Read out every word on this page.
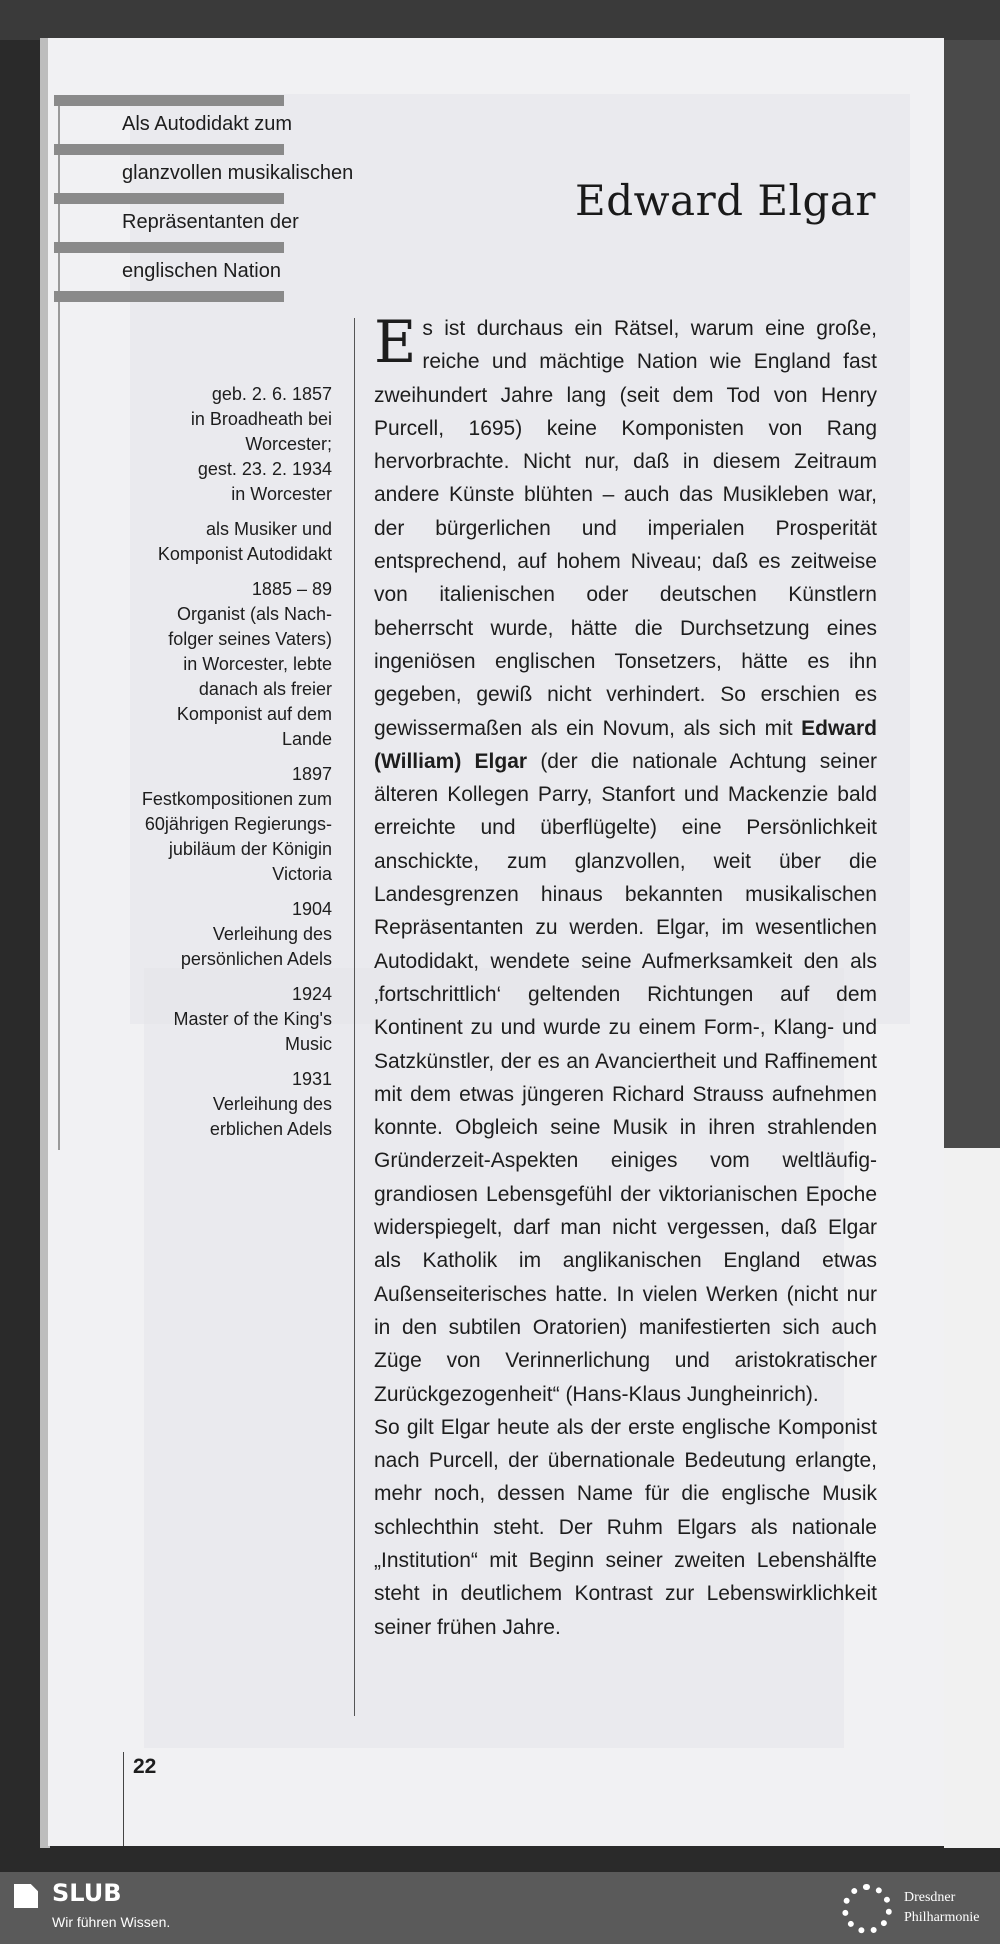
Als Autodidakt zum
glanzvollen musikalischen
Repräsentanten der
englischen Nation
Edward Elgar
geb. 2. 6. 1857
in Broadheath bei
Worcester;
gest. 23. 2. 1934
in Worcester
als Musiker und
Komponist Autodidakt
1885 – 89
Organist (als Nach-
folger seines Vaters)
in Worcester, lebte
danach als freier
Komponist auf dem
Lande
1897
Festkompositionen zum
60jährigen Regierungs-
jubiläum der Königin
Victoria
1904
Verleihung des
persönlichen Adels
1924
Master of the King's
Music
1931
Verleihung des
erblichen Adels

Es ist durchaus ein Rätsel, warum eine große, reiche und mächtige Nation wie England fast zweihundert Jahre lang (seit dem Tod von Henry Purcell, 1695) keine Komponisten von Rang hervorbrachte. Nicht nur, daß in diesem Zeitraum andere Künste blühten – auch das Musikleben war, der bürgerlichen und imperialen Prosperität entsprechend, auf hohem Niveau; daß es zeitweise von italienischen oder deutschen Künstlern beherrscht wurde, hätte die Durchsetzung eines ingeniösen englischen Tonsetzers, hätte es ihn gegeben, gewiß nicht verhindert. So erschien es gewissermaßen als ein Novum, als sich mit Edward (William) Elgar (der die nationale Achtung seiner älteren Kollegen Parry, Stanfort und Mackenzie bald erreichte und überflügelte) eine Persönlichkeit anschickte, zum glanzvollen, weit über die Landesgrenzen hinaus bekannten musikalischen Repräsentanten zu werden. Elgar, im wesentlichen Autodidakt, wendete seine Aufmerksamkeit den als ‚fortschrittlich‘ geltenden Richtungen auf dem Kontinent zu und wurde zu einem Form-, Klang- und Satzkünstler, der es an Avanciertheit und Raffinement mit dem etwas jüngeren Richard Strauss aufnehmen konnte. Obgleich seine Musik in ihren strahlenden Gründerzeit-Aspekten einiges vom weltläufig-grandiosen Lebensgefühl der viktorianischen Epoche widerspiegelt, darf man nicht vergessen, daß Elgar als Katholik im anglikanischen England etwas Außenseiterisches hatte. In vielen Werken (nicht nur in den subtilen Oratorien) manifestierten sich auch Züge von Verinnerlichung und aristokratischer Zurückgezogenheit“ (Hans-Klaus Jungheinrich).

So gilt Elgar heute als der erste englische Komponist nach Purcell, der übernationale Bedeutung erlangte, mehr noch, dessen Name für die englische Musik schlechthin steht. Der Ruhm Elgars als nationale „Institution“ mit Beginn seiner zweiten Lebenshälfte steht in deutlichem Kontrast zur Lebenswirklichkeit seiner frühen Jahre.

22
SLUB
Wir führen Wissen.
Dresdner
Philharmonie
